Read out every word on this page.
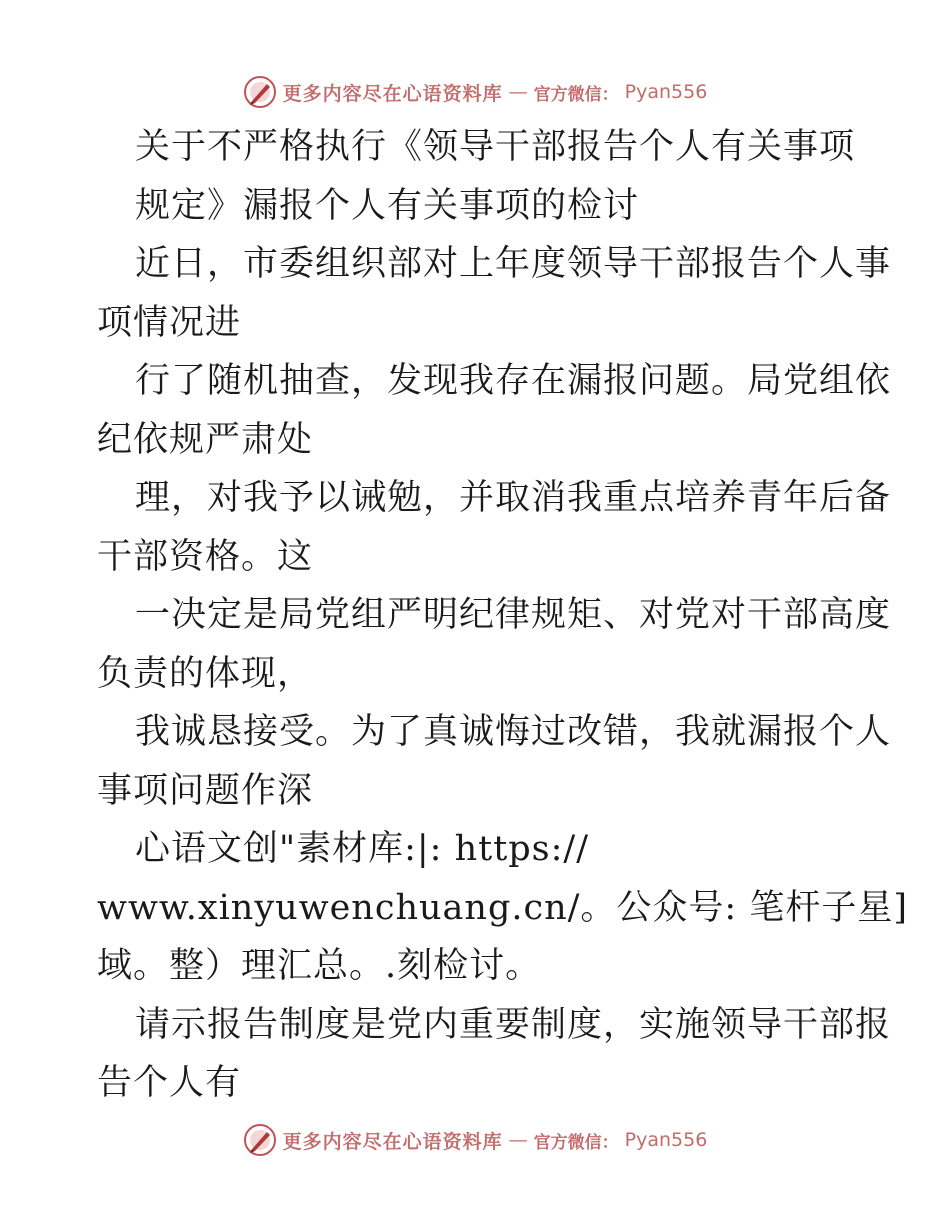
更多内容尽在心语资料库 — 官方微信： Pyan556
关于不严格执行《领导干部报告个人有关事项
规定》漏报个人有关事项的检讨
近日，市委组织部对上年度领导干部报告个人事
项情况进
行了随机抽查，发现我存在漏报问题。局党组依
纪依规严肃处
理，对我予以诫勉，并取消我重点培养青年后备
干部资格。这
一决定是局党组严明纪律规矩、对党对干部高度
负责的体现，
我诚恳接受。为了真诚悔过改错，我就漏报个人
事项问题作深
心语文创"素材库:|: https://
www.xinyuwenchuang.cn/。公众号: 笔杆子星]
域。整）理汇总。.刻检讨。
请示报告制度是党内重要制度，实施领导干部报
告个人有
更多内容尽在心语资料库 — 官方微信： Pyan556
